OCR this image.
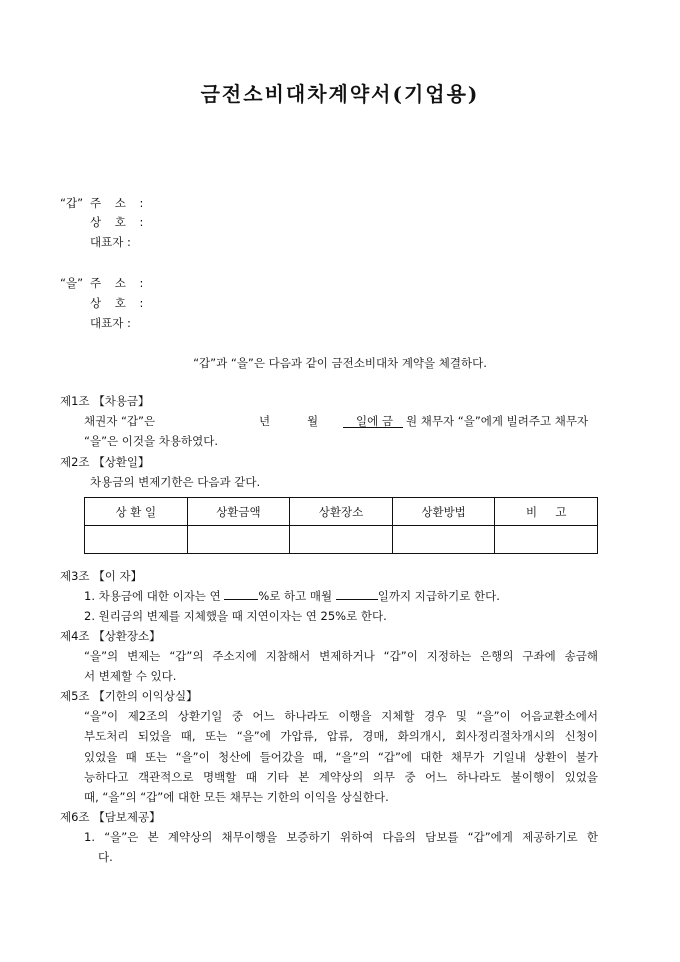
금전소비대차계약서(기업용)
“갑” 주 소 :
상 호 :
대표자 :
“을” 주 소 :
상 호 :
대표자 :
“갑”과 “을”은 다음과 같이 금전소비대차 계약을 체결하다.
제1조 【차용금】
채권자 “갑”은	년	월	일에 금 원 채무자 “을”에게 빌려주고 채무자
“을”은 이것을 차용하였다.
제2조 【상환일】
차용금의 변제기한은 다음과 같다.
상 환 일	상환금액	상환장소	상환방법	비     고

제3조 【이 자】
1. 차용금에 대한 이자는 연	%로 하고 매월	일까지 지급하기로 한다.
2. 원리금의 변제를 지체했을 때 지연이자는 연 25%로 한다.
제4조 【상환장소】
“을”의 변제는 “갑”의 주소지에 지참해서 변제하거나 “갑”이 지정하는 은행의 구좌에 송금해
서 변제할 수 있다.
제5조 【기한의 이익상실】
“을”이 제2조의 상환기일 중 어느 하나라도 이행을 지체할 경우 및 “을”이 어음교환소에서
부도처리 되었을 때, 또는 “을”에 가압류, 압류, 경매, 화의개시, 회사정리절차개시의 신청이
있었을 때 또는 “을”이 청산에 들어갔을 때, “을”의 “갑”에 대한 채무가 기일내 상환이 불가
능하다고 객관적으로 명백할 때 기타 본 계약상의 의무 중 어느 하나라도 불이행이 있었을
때, “을”의 “갑”에 대한 모든 채무는 기한의 이익을 상실한다.
제6조 【담보제공】
1. “을”은 본 계약상의 채무이행을 보증하기 위하여 다음의 담보를 “갑”에게 제공하기로 한
다.
